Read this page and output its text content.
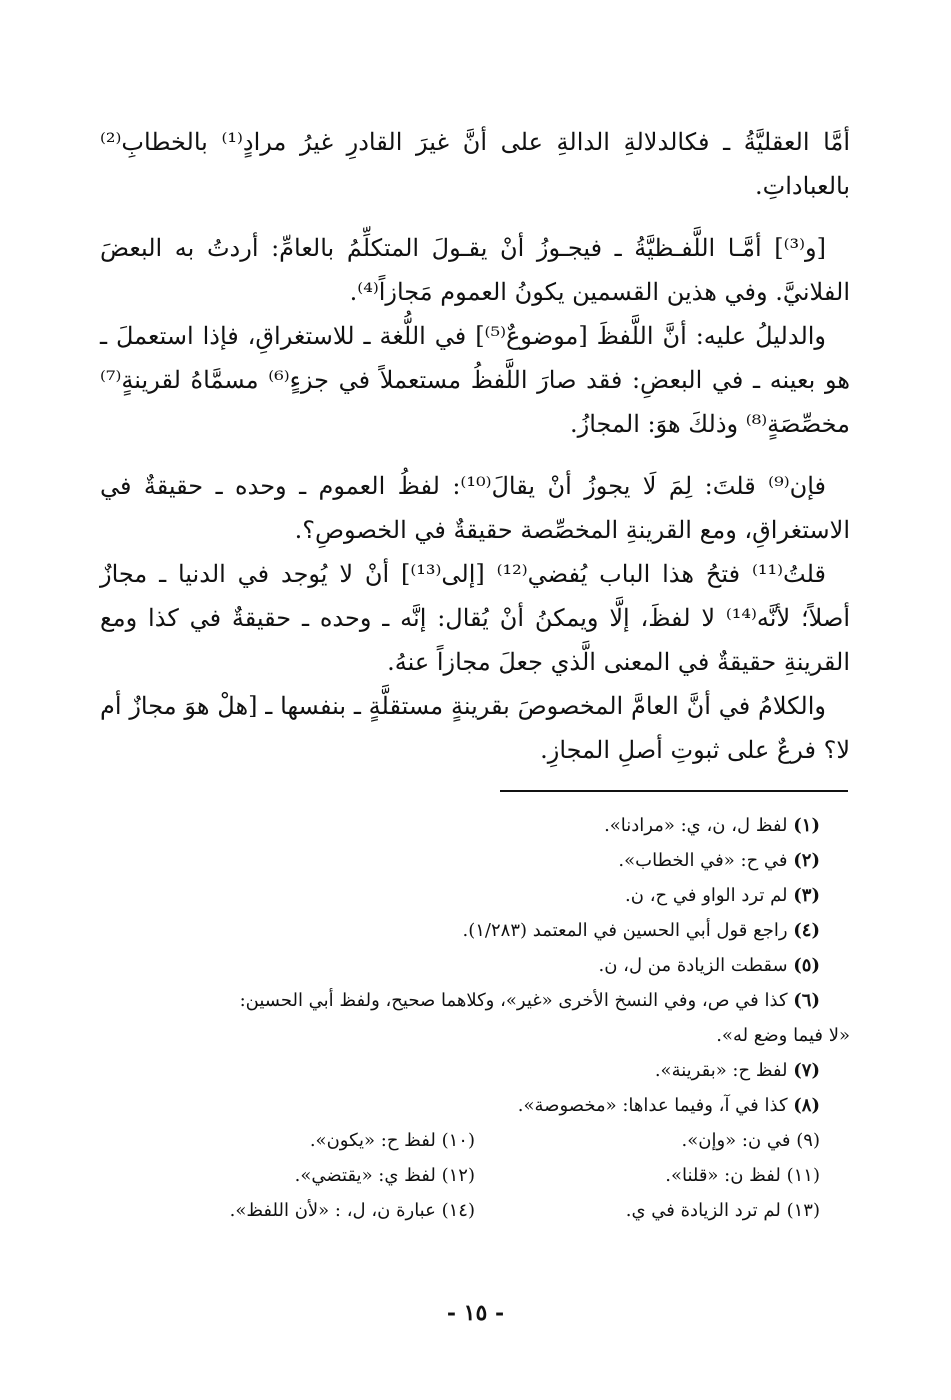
أمَّا العقليَّةُ ـ فكالدلالةِ الدالةِ على أنَّ غيرَ القادرِ غيرُ مرادٍ⁽¹⁾ بالخطابِ⁽²⁾ بالعباداتِ.

[و⁽³⁾] أمَّـا اللَّفـظيَّةُ ـ فيجـوزُ أنْ يقـولَ المتكلِّمُ بالعامِّ: أردتُ به البعضَ الفلانيَّ. وفي هذين القسمين يكونُ العموم مَجازاً⁽⁴⁾.

والدليلُ عليه: أنَّ اللَّفظَ [موضوعٌ⁽⁵⁾] في اللُّغة ـ للاستغراقِ، فإذا استعملَ ـ هو بعينه ـ في البعضِ: فقد صارَ اللَّفظُ مستعملاً في جزءٍ⁽⁶⁾ مسمَّاهُ لقرينةٍ⁽⁷⁾ مخصِّصَةٍ⁽⁸⁾ وذلكَ هوَ: المجازُ.

فإن⁽⁹⁾ قلتَ: لِمَ لَا يجوزُ أنْ يقالَ⁽¹⁰⁾: لفظُ العموم ـ وحده ـ حقيقةٌ في الاستغراقِ، ومع القرينةِ المخصِّصة حقيقةٌ في الخصوصِ؟.

قلتُ⁽¹¹⁾ فتحُ هذا الباب يُفضي⁽¹²⁾ [إلى⁽¹³⁾] أنْ لا يُوجد في الدنيا ـ مجازٌ أصلاً؛ لأنَّه⁽¹⁴⁾ لا لفظَ، إلَّا ويمكنُ أنْ يُقال: إنَّه ـ وحده ـ حقيقةٌ في كذا ومع القرينةِ حقيقةٌ في المعنى الَّذي جعلَ مجازاً عنهُ.

والكلامُ في أنَّ العامَّ المخصوصَ بقرينةٍ مستقلَّةٍ ـ بنفسها ـ [هلْ هوَ مجازٌ أم لا؟ فرعٌ على ثبوتِ أصلِ المجازِ.

(١) لفظ ل، ن، ي: «مرادنا».

(٢) في ح: «في الخطاب».

(٣) لم ترد الواو في ح، ن.

(٤) راجع قول أبي الحسين في المعتمد (١/٢٨٣).

(٥) سقطت الزيادة من ل، ن.

(٦) كذا في ص، وفي النسخ الأخرى «غير»، وكلاهما صحيح، ولفظ أبي الحسين:

«لا فيما وضع له».

(٧) لفظ ح: «بقرينة».

(٨) كذا في آ، وفيما عداها: «مخصوصة».

(٩) في ن: «وإن».
(١٠) لفظ ح: «يكون».
(١١) لفظ ن: «قلنا».
(١٢) لفظ ي: «يقتضي».
(١٣) لم ترد الزيادة في ي.
(١٤) عبارة ن، ل، : «لأن اللفظ».
- ١٥ -
